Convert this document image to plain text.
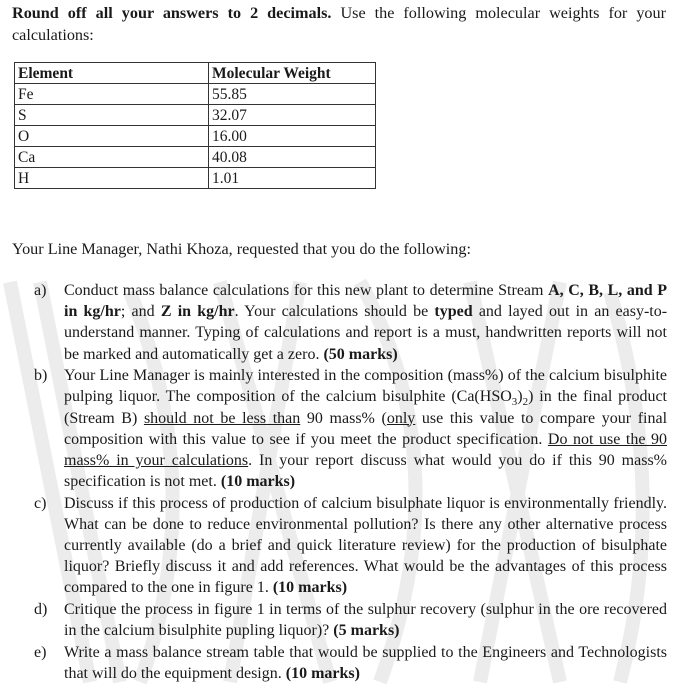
Round off all your answers to 2 decimals. Use the following molecular weights for your calculations:

Element	Molecular Weight
Fe	55.85
S	32.07
O	16.00
Ca	40.08
H	1.01

Your Line Manager, Nathi Khoza, requested that you do the following:

a) Conduct mass balance calculations for this new plant to determine Stream A, C, B, L, and P in kg/hr; and Z in kg/hr. Your calculations should be typed and layed out in an easy-to-understand manner. Typing of calculations and report is a must, handwritten reports will not be marked and automatically get a zero. (50 marks)
b) Your Line Manager is mainly interested in the composition (mass%) of the calcium bisulphite pulping liquor. The composition of the calcium bisulphite $(Ca(HSO_3)_2)$ in the final product (Stream B) should not be less than 90 mass% (only use this value to compare your final composition with this value to see if you meet the product specification. Do not use the 90 mass% in your calculations. In your report discuss what would you do if this 90 mass% specification is not met. (10 marks)
c) Discuss if this process of production of calcium bisulphate liquor is environmentally friendly. What can be done to reduce environmental pollution? Is there any other alternative process currently available (do a brief and quick literature review) for the production of bisulphate liquor? Briefly discuss it and add references. What would be the advantages of this process compared to the one in figure 1. (10 marks)
d) Critique the process in figure 1 in terms of the sulphur recovery (sulphur in the ore recovered in the calcium bisulphite pupling liquor)? (5 marks)
e) Write a mass balance stream table that would be supplied to the Engineers and Technologists that will do the equipment design. (10 marks)
